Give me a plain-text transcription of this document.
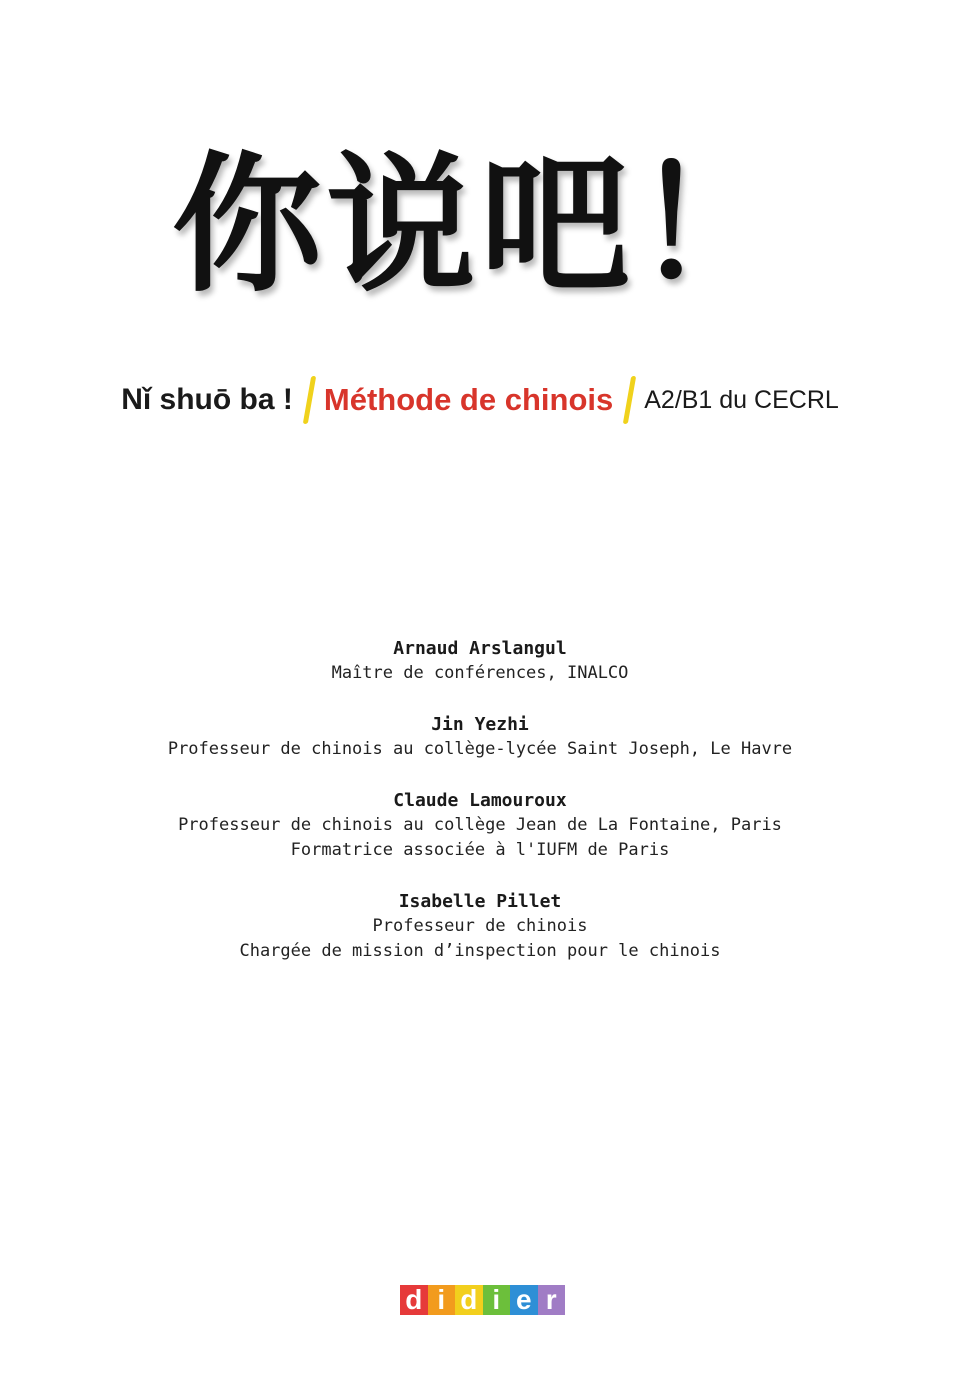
你说吧！
Nǐ shuō ba ! Méthode de chinois A2/B1 du CECRL
Arnaud Arslangul
Maître de conférences, INALCO
Jin Yezhi
Professeur de chinois au collège-lycée Saint Joseph, Le Havre
Claude Lamouroux
Professeur de chinois au collège Jean de La Fontaine, Paris
Formatrice associée à l'IUFM de Paris
Isabelle Pillet
Professeur de chinois
Chargée de mission d’inspection pour le chinois
d i d i e r
